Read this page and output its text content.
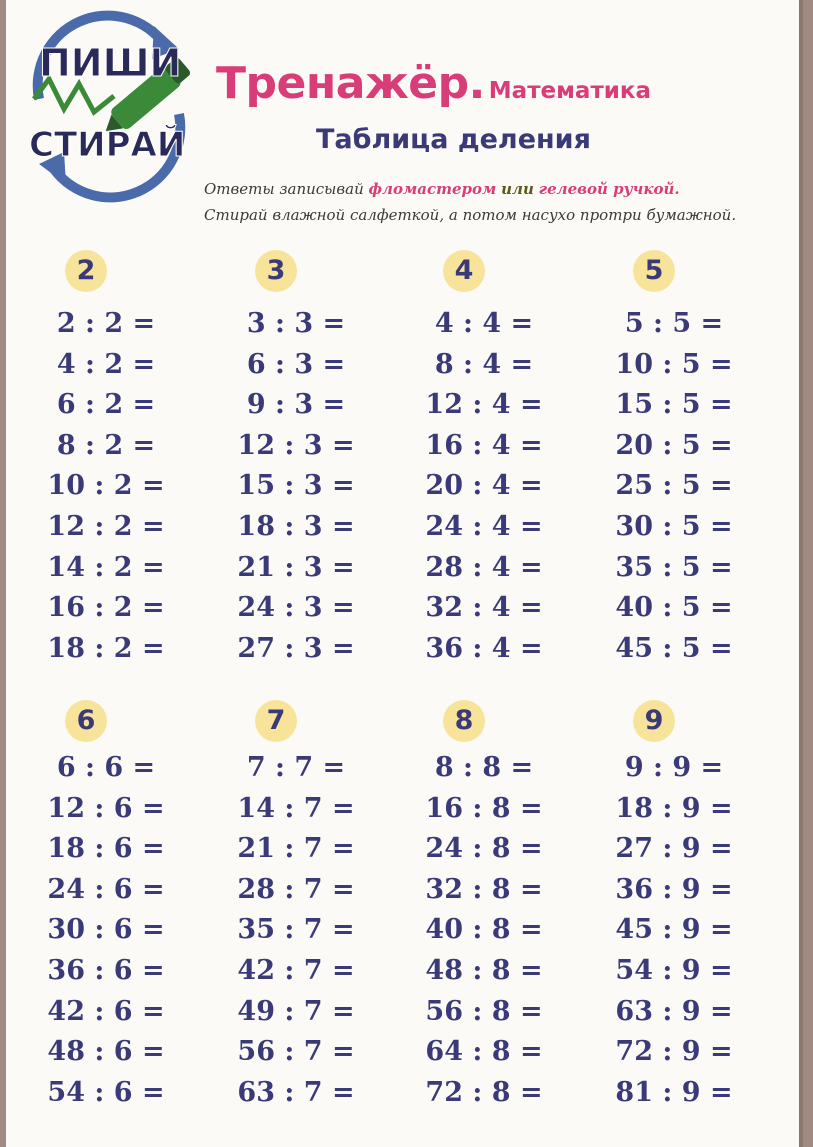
ПИШИ
СТИРАЙ
Тренажёр. Математика
Таблица деления
Ответы записывай фломастером или гелевой ручкой.
Стирай влажной салфеткой, а потом насухо протри бумажной.
2
2 : 2 =
4 : 2 =
6 : 2 =
8 : 2 =
10 : 2 =
12 : 2 =
14 : 2 =
16 : 2 =
18 : 2 =
3
3 : 3 =
6 : 3 =
9 : 3 =
12 : 3 =
15 : 3 =
18 : 3 =
21 : 3 =
24 : 3 =
27 : 3 =
4
4 : 4 =
8 : 4 =
12 : 4 =
16 : 4 =
20 : 4 =
24 : 4 =
28 : 4 =
32 : 4 =
36 : 4 =
5
5 : 5 =
10 : 5 =
15 : 5 =
20 : 5 =
25 : 5 =
30 : 5 =
35 : 5 =
40 : 5 =
45 : 5 =
6
6 : 6 =
12 : 6 =
18 : 6 =
24 : 6 =
30 : 6 =
36 : 6 =
42 : 6 =
48 : 6 =
54 : 6 =
7
7 : 7 =
14 : 7 =
21 : 7 =
28 : 7 =
35 : 7 =
42 : 7 =
49 : 7 =
56 : 7 =
63 : 7 =
8
8 : 8 =
16 : 8 =
24 : 8 =
32 : 8 =
40 : 8 =
48 : 8 =
56 : 8 =
64 : 8 =
72 : 8 =
9
9 : 9 =
18 : 9 =
27 : 9 =
36 : 9 =
45 : 9 =
54 : 9 =
63 : 9 =
72 : 9 =
81 : 9 =
